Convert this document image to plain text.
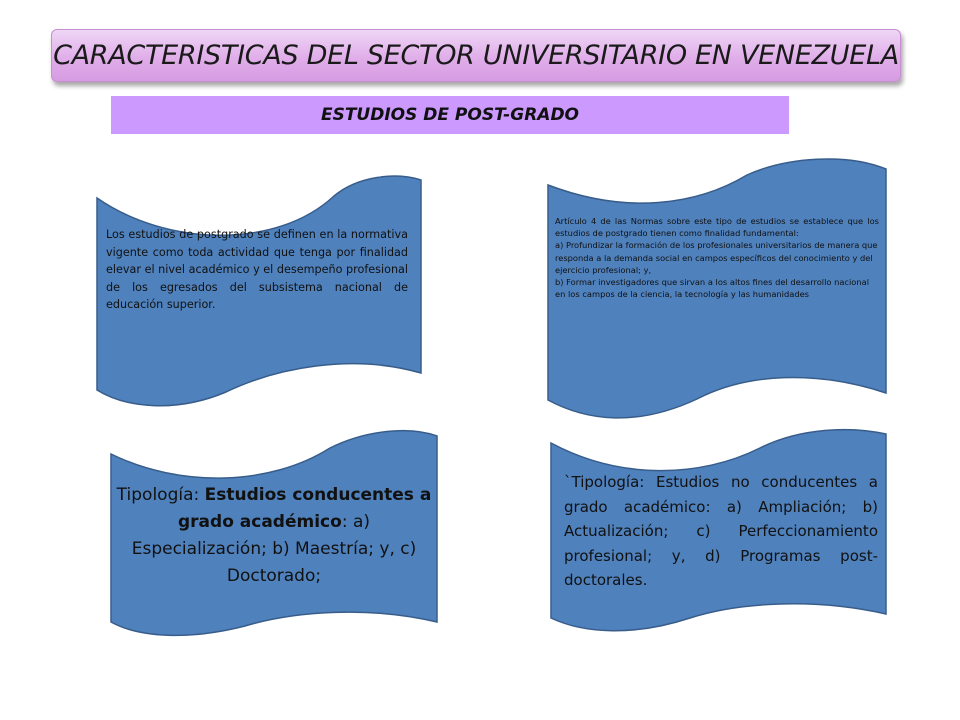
CARACTERISTICAS DEL SECTOR UNIVERSITARIO EN VENEZUELA
ESTUDIOS DE POST-GRADO
Los estudios de postgrado se definen en la normativa vigente como toda actividad que tenga por finalidad elevar el nivel académico y el desempeño profesional de los egresados del subsistema nacional de educación superior.

Artículo 4 de las Normas sobre este tipo de estudios se establece que los estudios de postgrado tienen como finalidad fundamental:

a) Profundizar la formación de los profesionales universitarios de manera que responda a la demanda social en campos específicos del conocimiento y del ejercicio profesional; y,

b) Formar investigadores que sirvan a los altos fines del desarrollo nacional en los campos de la ciencia, la tecnología y las humanidades

Tipología: Estudios conducentes a grado académico: a) Especialización; b) Maestría; y, c) Doctorado;
`Tipología: Estudios no conducentes a grado académico: a) Ampliación; b) Actualización; c) Perfeccionamiento profesional; y, d) Programas post-doctorales.
